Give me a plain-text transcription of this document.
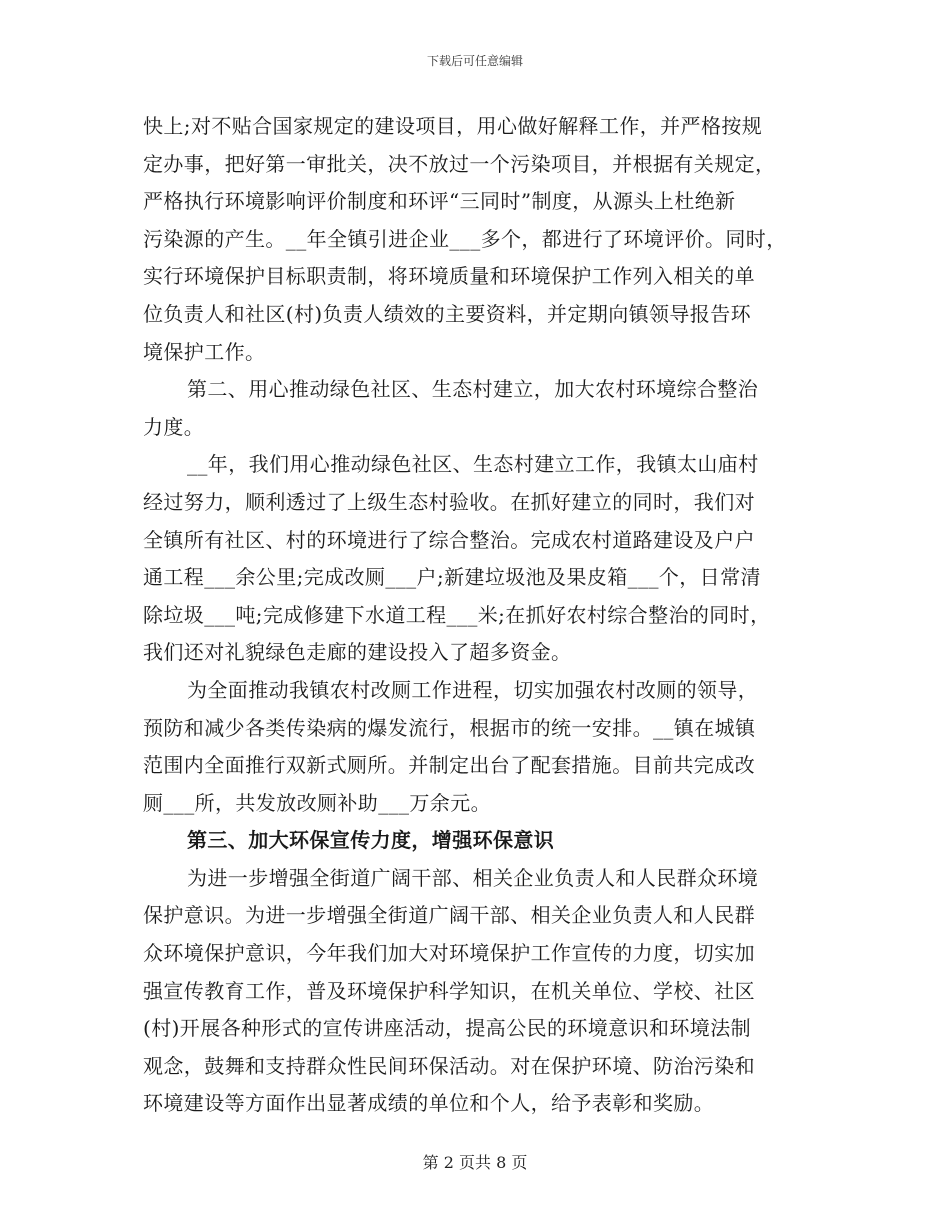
下载后可任意编辑
快上;对不贴合国家规定的建设项目，用心做好解释工作，并严格按规
定办事，把好第一审批关，决不放过一个污染项目，并根据有关规定，
严格执行环境影响评价制度和环评“三同时”制度，从源头上杜绝新
污染源的产生。__年全镇引进企业___多个，都进行了环境评价。同时，
实行环境保护目标职责制，将环境质量和环境保护工作列入相关的单
位负责人和社区(村)负责人绩效的主要资料，并定期向镇领导报告环
境保护工作。
第二、用心推动绿色社区、生态村建立，加大农村环境综合整治
力度。
__年，我们用心推动绿色社区、生态村建立工作，我镇太山庙村
经过努力，顺利透过了上级生态村验收。在抓好建立的同时，我们对
全镇所有社区、村的环境进行了综合整治。完成农村道路建设及户户
通工程___余公里;完成改厕___户;新建垃圾池及果皮箱___个，日常清
除垃圾___吨;完成修建下水道工程___米;在抓好农村综合整治的同时，
我们还对礼貌绿色走廊的建设投入了超多资金。
为全面推动我镇农村改厕工作进程，切实加强农村改厕的领导，
预防和减少各类传染病的爆发流行，根据市的统一安排。__镇在城镇
范围内全面推行双新式厕所。并制定出台了配套措施。目前共完成改
厕___所，共发放改厕补助___万余元。
第三、加大环保宣传力度，增强环保意识
为进一步增强全街道广阔干部、相关企业负责人和人民群众环境
保护意识。为进一步增强全街道广阔干部、相关企业负责人和人民群
众环境保护意识，今年我们加大对环境保护工作宣传的力度，切实加
强宣传教育工作，普及环境保护科学知识，在机关单位、学校、社区
(村)开展各种形式的宣传讲座活动，提高公民的环境意识和环境法制
观念，鼓舞和支持群众性民间环保活动。对在保护环境、防治污染和
环境建设等方面作出显著成绩的单位和个人，给予表彰和奖励。
第 2 页共 8 页
